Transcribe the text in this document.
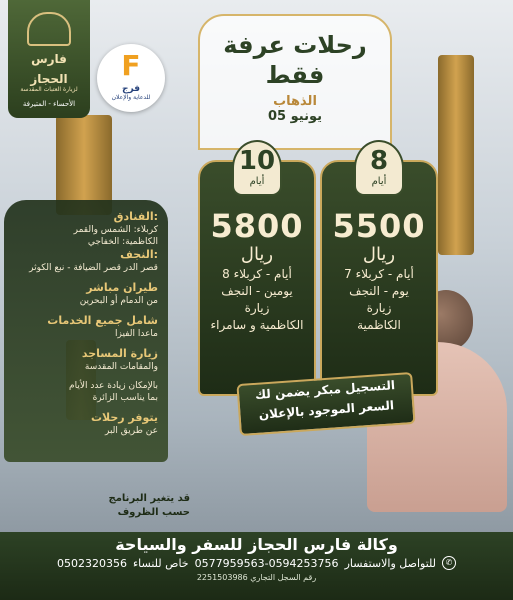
فارس
الحجاز
لزيارة العتبات المقدسة
الأحساء - المتيرفة
F
فرج
للدعاية والإعلان
رحلات عرفة
فقط
الذهاب
05 يونيو
8
أيام
5500
ريال
7 أيام - كربلاء
يوم - النجف
زيارة
الكاظمية
10
أيام
5800
ريال
8 أيام - كربلاء
يومين - النجف
زيارة
الكاظمية و سامراء
التسجيل مبكر يضمن لك
السعر الموجود بالإعلان
الفنادق:
كربلاء: الشمس والقمر
الكاظمية: الخفاجي
النجف:
قصر الدر قصر الضيافة - نبع الكوثر
طيران مباشر
من الدمام أو البحرين
شامل جميع الخدمات
ماعدا الفيزا
زيارة المساجد
والمقامات المقدسة
بالإمكان زيادة عدد الأيام
بما يناسب الزائرة
يتوفر رحلات
عن طريق البر
قد يتغير البرنامج
حسب الظروف
وكالة فارس الحجاز للسفر والسياحة
0502320356 خاص للنساء 0577959563-0594253756 للتواصل والاستفسار	✆
2251503986 رقم السجل التجاري
